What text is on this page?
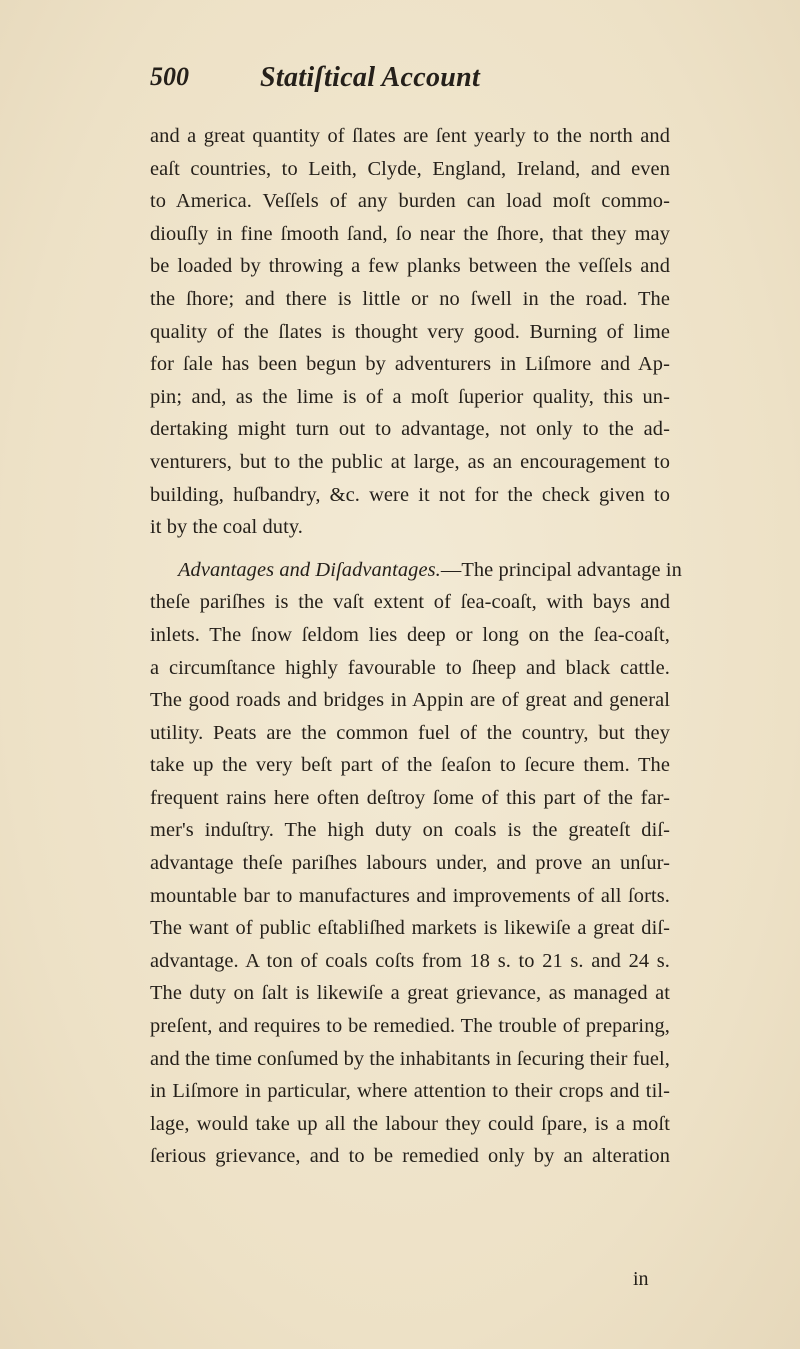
500	Statiſtical Account
and a great quantity of ſlates are ſent yearly to the north and
eaſt countries, to Leith, Clyde, England, Ireland, and even
to America. Veſſels of any burden can load moſt commo-
diouſly in fine ſmooth ſand, ſo near the ſhore, that they may
be loaded by throwing a few planks between the veſſels and
the ſhore; and there is little or no ſwell in the road. The
quality of the ſlates is thought very good. Burning of lime
for ſale has been begun by adventurers in Liſmore and Ap-
pin; and, as the lime is of a moſt ſuperior quality, this un-
dertaking might turn out to advantage, not only to the ad-
venturers, but to the public at large, as an encouragement to
building, huſbandry, &c. were it not for the check given to
it by the coal duty.
Advantages and Diſadvantages.—The principal advantage in
theſe pariſhes is the vaſt extent of ſea-coaſt, with bays and
inlets. The ſnow ſeldom lies deep or long on the ſea-coaſt,
a circumſtance highly favourable to ſheep and black cattle.
The good roads and bridges in Appin are of great and general
utility. Peats are the common fuel of the country, but they
take up the very beſt part of the ſeaſon to ſecure them. The
frequent rains here often deſtroy ſome of this part of the far-
mer's induſtry. The high duty on coals is the greateſt diſ-
advantage theſe pariſhes labours under, and prove an unſur-
mountable bar to manufactures and improvements of all ſorts.
The want of public eſtabliſhed markets is likewiſe a great diſ-
advantage. A ton of coals coſts from 18 s. to 21 s. and 24 s.
The duty on ſalt is likewiſe a great grievance, as managed at
preſent, and requires to be remedied. The trouble of preparing,
and the time conſumed by the inhabitants in ſecuring their fuel,
in Liſmore in particular, where attention to their crops and til-
lage, would take up all the labour they could ſpare, is a moſt
ſerious grievance, and to be remedied only by an alteration
in
